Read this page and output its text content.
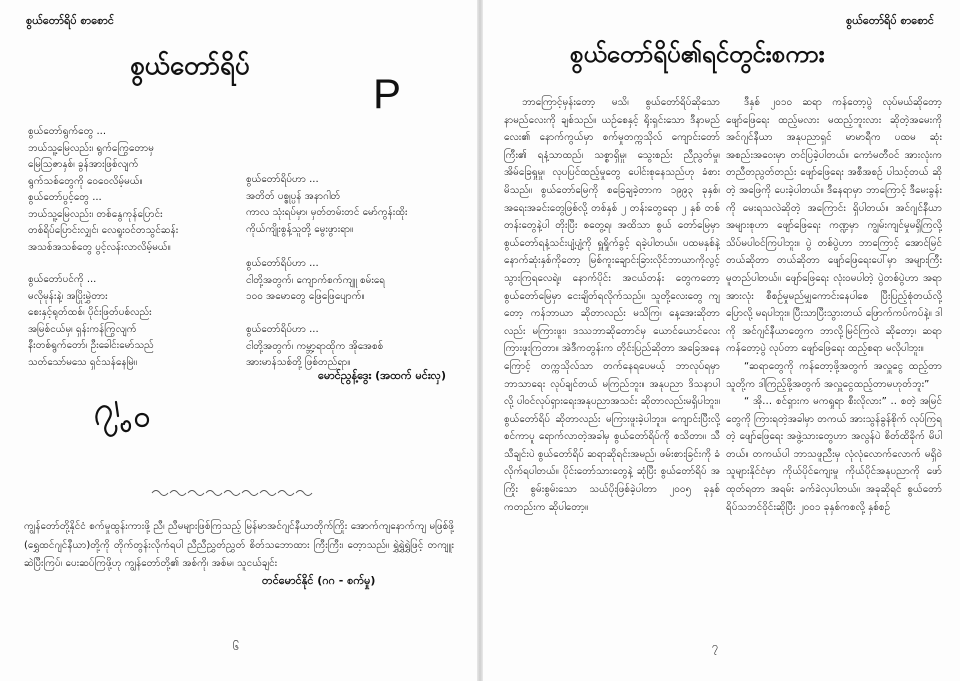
စွယ်တော်ရိပ် စာစောင်
စွယ်တော်ရိပ်
P
စွယ်တော်ရွက်တွေ ...
ဘယ်သူ့မြေလည်း၊ ရွက်ကြွေတောမှ
မြေသြဇာနှစ်၊ ခွန်အားဖြစ်လျက်
ရွက်သစ်တွေကို ဝေဝေလိမ့်မယ်။
စွယ်တော်ပွင့်တွေ ...
ဘယ်သူ့မြေလည်း၊ တစ်နွေကုန်ပြောင်း
တစ်ရိပ်ပြောင်းလျှင်၊ လေရူးဝင်တသွင်ဆန်း
အသစ်အသစ်တွေ ပွင့်လန်းလာလိမ့်မယ်။
စွယ်တော်ပင်ကို ...
မလိုမုန်းနဲ့၊ အပြိုးမွှဲတား
စေးနှင့်ရုတ်ထစ်၊ ပိုင်းဖြတ်ပစ်လည်း
အမြစ်ငယ်မှ၊ ရှန်းကန်ကြွလျက်
နီးတစ်ရွက်တော်၊ ဦးခေါင်းမော်သည်
သတ်သော်မသေ ရှင်သန်နေမြဲ။
စွယ်တော်ရိပ်ဟာ ...
အတိတ် ပစ္စုပ္ပန် အနာဂါတ်
ကာလ သုံးရပ်မှာ၊ မှတ်တမ်းတင် မော်ကွန်းထိုး
ကိုယ်ကျိုးစွန့်သူတို့ မွေးဖွားရာ။
စွယ်တော်ရိပ်ဟာ ...
ငါတို့အတွက်၊ ကျောက်စက်ကျူ စမ်းရေ
၁၀၀ အမောတွေ ဖြေဖြေပျောက်။
စွယ်တော်ရိပ်ဟာ ...
ငါတို့အတွက်၊ ကမ္ဘာ့ရာထိုက အိုအေစစ်
အားမာန်သစ်တို့ ဖြစ်တည်ရာ။
မောင်ညွန့်ဒွေး (အထက် မင်းလှ)
ကျွန်တော်တို့နိုင်ငံ စက်မှုထွန်းကားဖို့ ညီ၊ ညီမများဖြစ်ကြသည့် မြန်မာအင်ဂျင်နီယာတိုက်ကြိုး အောက်ကျနောက်ကျ မဖြစ်ဖို့ (ရွှေထင်ဂျင်နီယာ)တို့ကို တိုက်တွန်းလိုက်ရပါ ညီညီညွှတ်ညွှတ် စိတ်သဘောထား ကြီးကြီး၊ တေ့ာသည်။ ရွှဲရွှဲရွှဲဖြင့် တကျူးဆဲပြီးကြပ်၊ ပေးဆပ်ကြဖို့ဟု ကျွန်တော်တို့၏ အစ်ကို၊ အစ်မ၊ သူငယ်ချင်း
တင်မောင်နိုင် (ဂဂ - စက်မှု)
၆
စွယ်တော်ရိပ် စာစောင်
စွယ်တော်ရိပ်၏ရင်တွင်းစကား

ဘာကြောင့်မှန်းတော့ မသိ၊ စွယ်တော်ရိပ်ဆိုသော နာမည်လေးကို ချစ်သည်။ ယဉ်စေနှင့် ရိုးရှင်းသော ဒီနာမည်လေး၏ နောက်ကွယ်မှာ စက်မှုတက္ကသိုလ် ကျောင်းတော်ကြီး၏ ရနံ့သာထည်၊ သစ္စာရှိမှု၊ သွေးစည်း ညီညွတ်မှု၊ အိမ်ခြေရှုမှု၊ လုပပြင်ထည့်မှုတွေ ပေါင်းစုနေသည်ဟု ခံစားမိသည်။ စွယ်တော်မြေကို စခြေချခဲ့တာက ၁၉၉၃ ခုနှစ်၊ အရေးအခင်းတွေဖြစ်လို့ တစ်နှစ် ၂ တန်းတွေရော ၂ နှစ် တစ်တန်းတွေနဲ့ပါ တိုးပြီး စတွေ့ရ၊ အထိသာ စွယ် တော်မြေမှာ စွယ်တော်ရနံ့သင်းပျံ့ပျံ့ကို ရှူရှိုက်ခွင့် ရခဲ့ပါတယ်။ ပထမနှစ်နဲ့ နောက်ဆုံးနှစ်ကိုတော့ မြစ်ကူးချောင်းခြားလိုင်ဘာယာကိုလွင့်သွားကြရလေရဲ့။ နောက်ပိုင်း အငယ်တန်း တွေကတော့ စွယ်တော်မြေမှာ ငေးချိတ်ရလိုက်သည်။ သူတို့လေးတွေ ကျတော့ ကန်ဘာယာ ဆိုတာလည်း မသိကြ၊ နေ့အေးဆိုတာလည်း မကြားဖူး၊ ဒဿဘာဆိုတောင်မှ ယောင်ယောင်လေး ကြားဖူးကြတာ။ အဲဒီကတွန်းက တိုင်းပြည်ဆိုတာ အခြေအနေကြောင့် တက္ကသိုလ်သာ တက်နေရပေမယ့် ဘာလုပ်ရမှာ ဘာသာရေး လုပ်ချင်တယ် မကြည်ဘူး။ အနုပညာ ဒိသနာပါလို့ ပါဝင်လုပ်ရှားရေးအနုပညာအသင်း ဆိုတာလည်းမရှိပါဘူး။ စွယ်တော်ရိပ် ဆိုတာလည်း မကြားဖူးခဲ့ပါဘူး။ ကျောင်းပြီးလို့ စင်ကာပူ ရောက်လာတဲ့အခါမှ စွယ်တော်ရိပ်ကို စသိတာ။ သီသီချင်းပဲ စွယ်တော်ရိပ် ဆရာဆိုရင်းအမည်၊ ဖမ်းစားခြင်းကို ခံလိုက်ရပါတယ်။ ပိုင်းတော်သားတွေနဲ့ ဆုံပြီး စွယ်တော်ရိပ် အကြိုး စွမ်းစွမ်းသော သယ်ပိုးဖြစ်ခဲ့ပါတာ ၂၀၀၅ ခုနှစ်ကတည်းက ဆိုပါတော့။

ဒီနှစ် ၂၀၁၀ ဆရာ ကန်တော့ပွဲ လုပ်မယ်ဆိုတော့ ဖျော်ဖြေရေး ထည့်မလား မထည့်ဘူးလား ဆိုတဲ့အမေးကို အင်ဂျင်နီယာ အနုပညာရှင် မာမာရီက ပထမ ဆုံး အစည်းအဝေးမှာ တင်ပြခဲ့ပါတယ်။ ကောံမတီဝင် အားလုံးက တညီတညွတ်တည်း ဖျော်ဖြေရေး အစီအစဉ် ပါသင့်တယ် ဆိုတဲ့ အဖြေကို ပေးခဲ့ပါတယ်။ ဒီနေရာမှာ ဘာကြောင့် ဒီမေးခွန်းကို မေးရသလဲဆိုတဲ့ အကြောင်း ရှိပါတယ်။ အင်ဂျင်နီယာ အများစုဟာ ဖျော်ဖြေရေး ကဏ္ဍမှာ ကျွမ်းကျင်မှုမရှိကြလို့ သိပ်မပါဝင်ကြပါဘူး။ ပွဲ တစ်ပွဲဟာ ဘာကြောင့် အောင်မြင်တယ်ဆိုတာ တယ်ဆိုတာ ဖျော်ဖြေရေးပေါ်မှာ အများကြီး မူတည်ပါတယ်။ ဖျော်ဖြေရေး လုံးဝမပါတဲ့ ပွဲတစ်ပွဲဟာ အရာအားလုံး စီစဉ်မှုမည်မျှကောင်းနေပါစေ ပြီးပြည့်စုံတယ်လို့ ပြောလို့ မရပါဘူး။ ပြီးသာပြီးသွားတယ် ဖြောက်ကပ်ကပ်နဲ့။ ဒါကို အင်ဂျင်နီယာတွေက ဘာလို့မြင်ကြလဲ ဆိုတော့၊ ဆရာကန်တော့ပွဲ လုပ်တာ ဖျော်ဖြေရေး ထည့်စရာ မလိုပါဘူး။

“ဆရာတွေကို ကန်တော့ဖို့အတွက် အလှူငွေ ထည့်တာ သူတို့က ဒါကြည့်ဖို့အတွက် အလှူငွေထည့်တာမဟုတ်ဘူး”

“ အို… စင်ရှားက မကရှုရာ စီးလိုလား” .. စတဲ့ အမြင်တွေကို ကြားရတဲ့အခါမှာ တကယ် အားသွန်ခွန်စိုက် လုပ်ကြရတဲ့ ဖျော်ဖြေရေး အဖွဲ့သားတွေဟာ အလွန်ပဲ စိတ်ထိခိုက် မိပါတယ်။ တကယ်ပါ ဘာသဖူညီးမှ လုံလုံလောက်လောက် မရှိဝဲ သူများနိုင်ငံမှာ ကိုယ်ပိုင်ကျေးမှု ကိုယ်ပိုင်အနုပညာကို ဖော် ထုတ်ရတာ အရမ်း ခက်ခဲလှပါတယ်။ အခုဆိုရင် စွယ်တော်ရိပ်သဘင်ဝိုင်းဆိုပြီး ၂၀၀၁ ခုနှစ်ကစလို့ နှစ်စဉ်

၇
